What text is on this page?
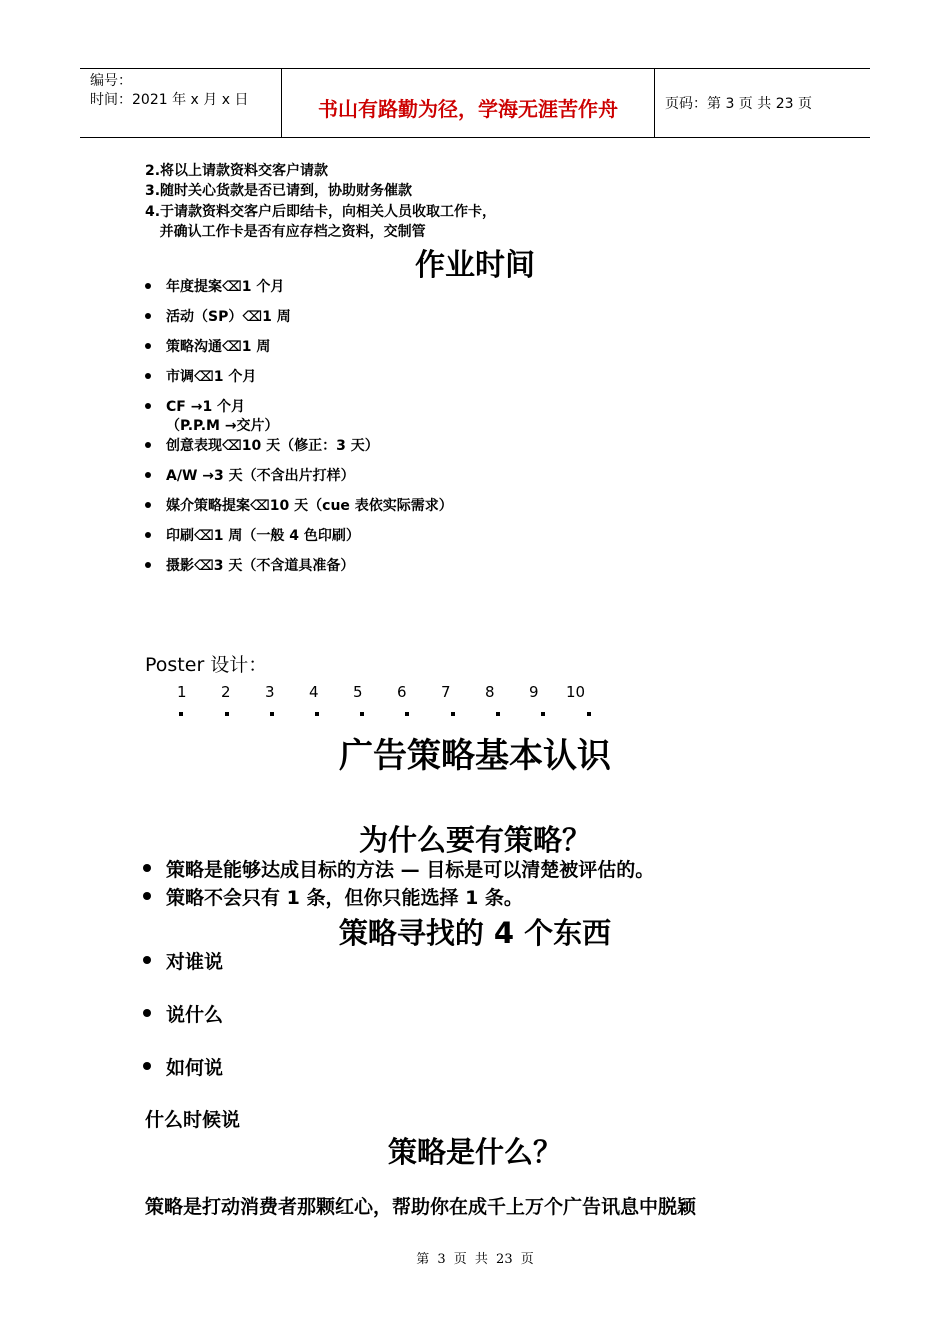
编号：
时间：2021 年 x 月 x 日	书山有路勤为径，学海无涯苦作舟	页码：第 3 页 共 23 页
2.将以上请款资料交客户请款
3.随时关心货款是否已请到，协助财务催款
4.于请款资料交客户后即结卡，向相关人员收取工作卡，
并确认工作卡是否有应存档之资料，交制管
作业时间
年度提案⌫1 个月
活动（SP）⌫1 周
策略沟通⌫1 周
市调⌫1 个月
CF →1 个月
（P.P.M →交片）
创意表现⌫10 天（修正：3 天）
A/W →3 天（不含出片打样）
媒介策略提案⌫10 天（cue 表依实际需求）
印刷⌫1 周（一般 4 色印刷）
摄影⌫3 天（不含道具准备）
Poster 设计：
1 2 3 4 5 6 7 8 9 10
广告策略基本认识
为什么要有策略？
策略是能够达成目标的方法 — 目标是可以清楚被评估的。
策略不会只有 1 条，但你只能选择 1 条。
策略寻找的 4 个东西
对谁说
说什么
如何说
什么时候说
策略是什么？
策略是打动消费者那颗红心，帮助你在成千上万个广告讯息中脱颖
第 3 页 共 23 页
